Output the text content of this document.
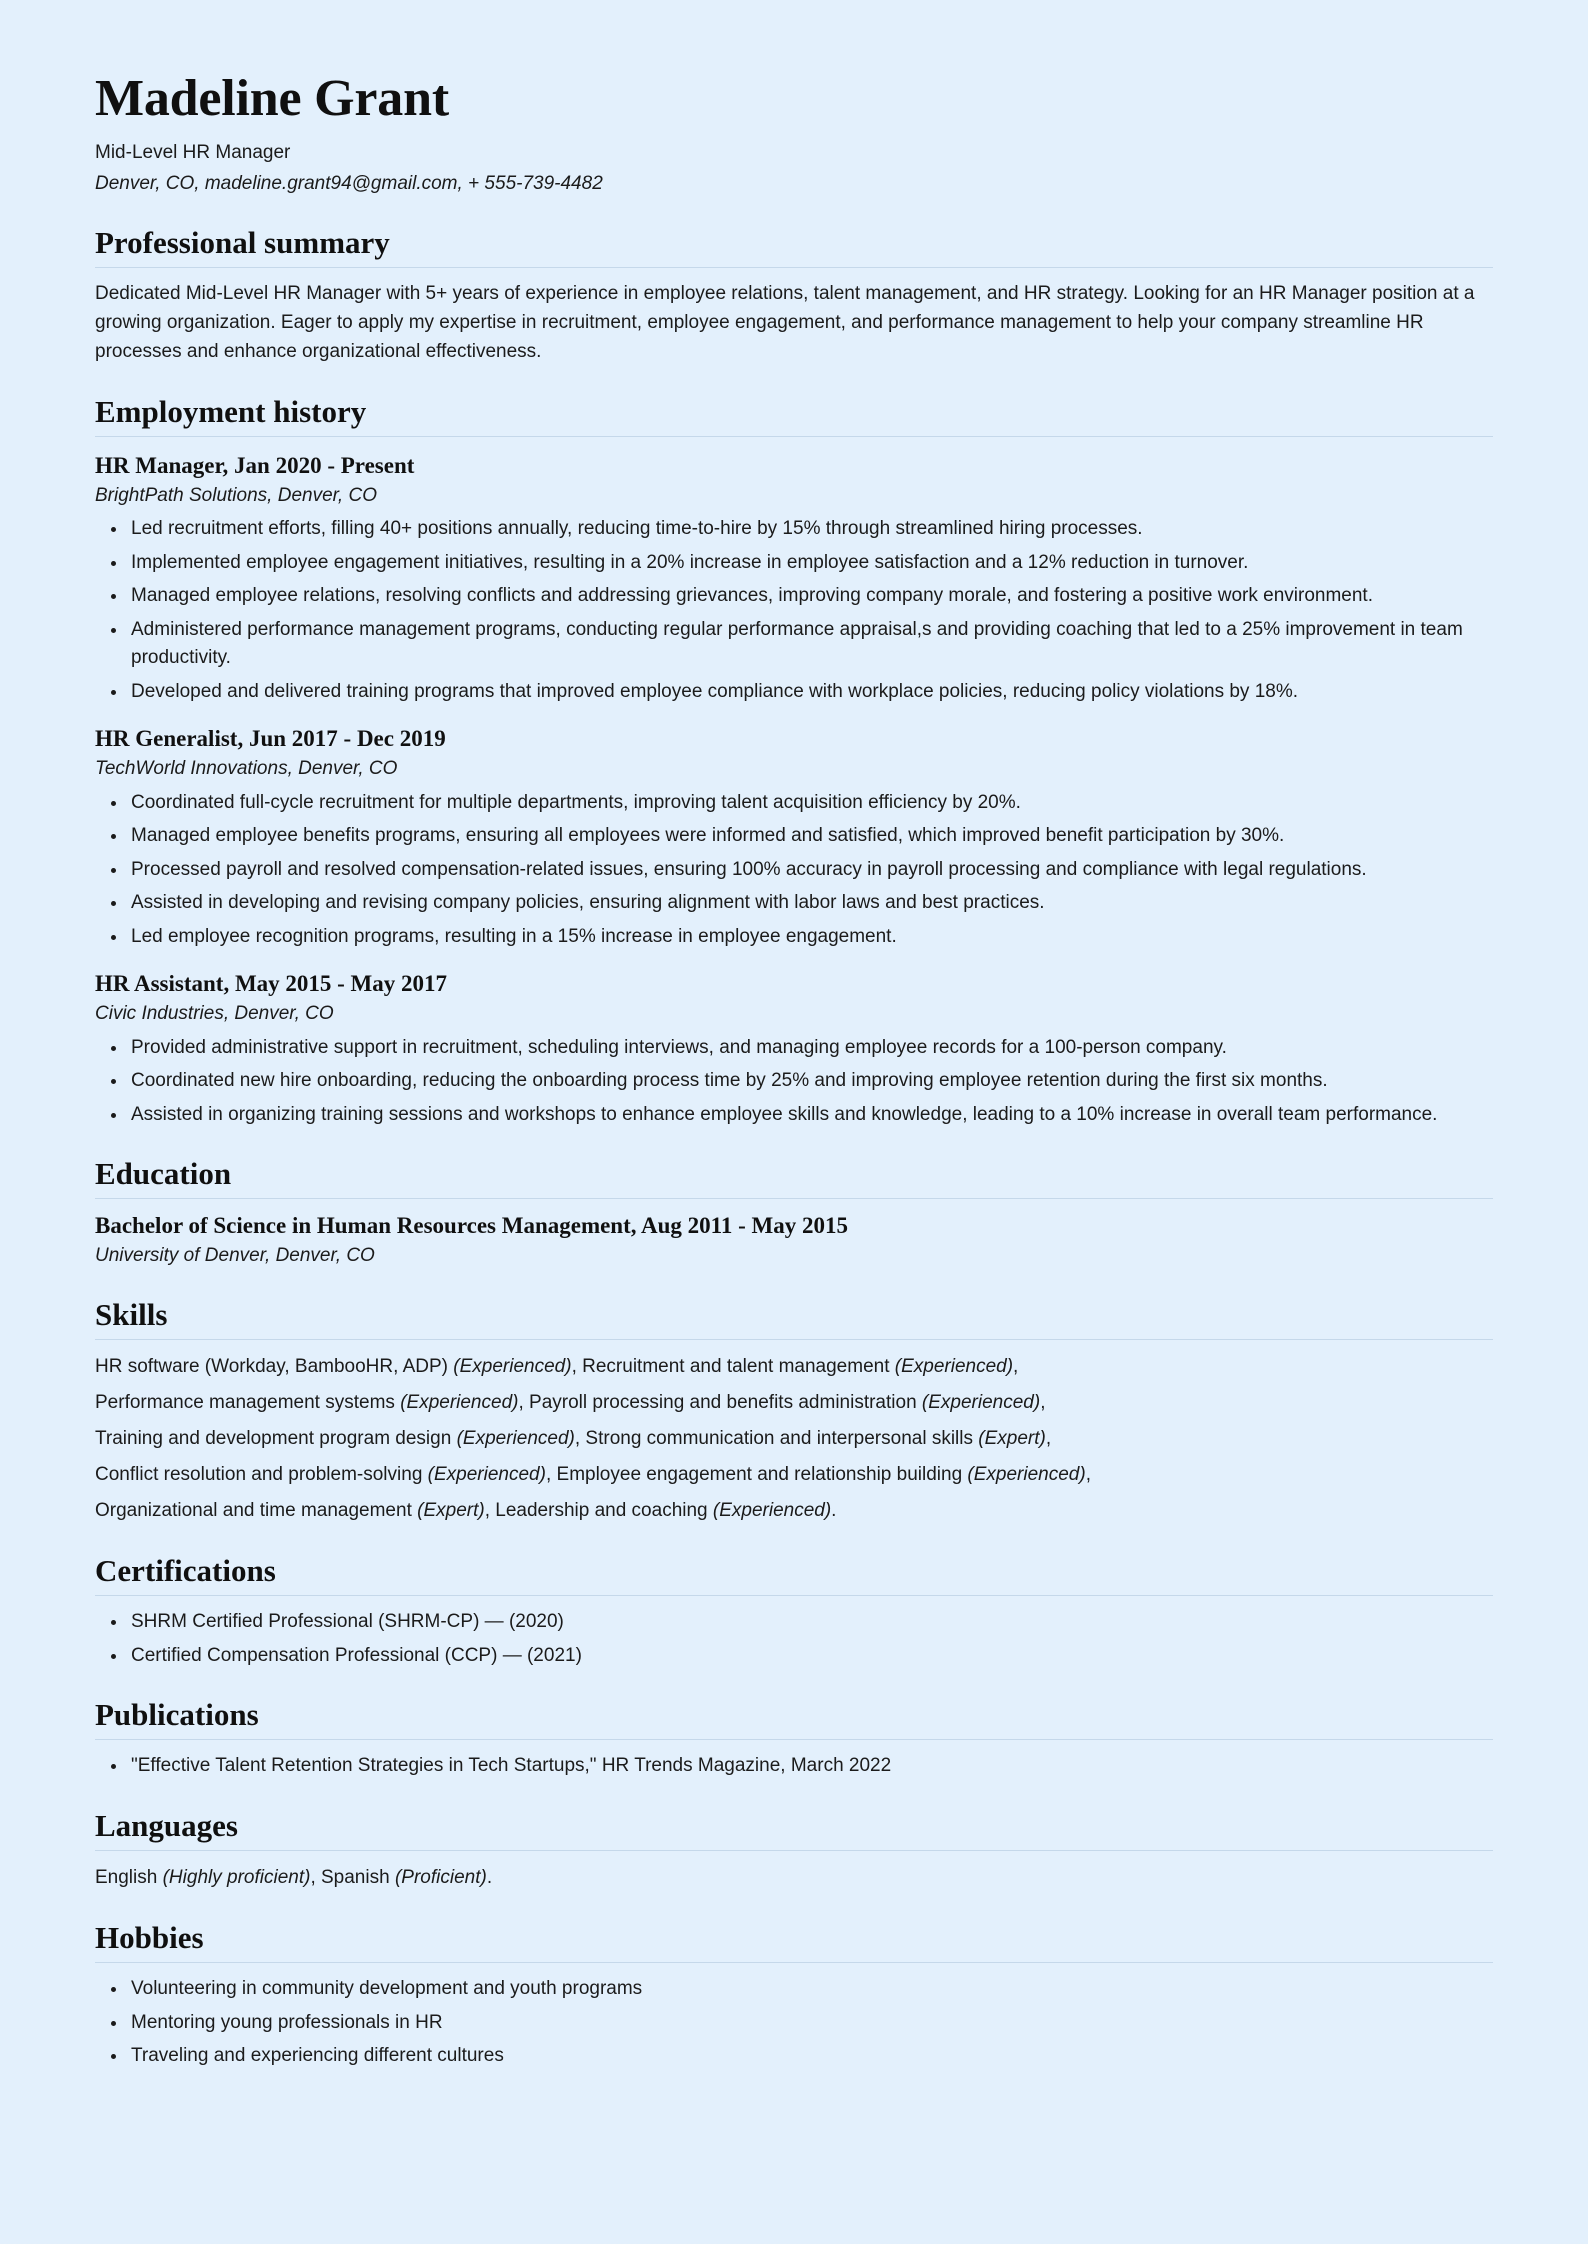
Madeline Grant
Mid-Level HR Manager
Denver, CO, madeline.grant94@gmail.com, + 555-739-4482
Professional summary

Dedicated Mid-Level HR Manager with 5+ years of experience in employee relations, talent management, and HR strategy. Looking for an HR Manager position at a growing organization. Eager to apply my expertise in recruitment, employee engagement, and performance management to help your company streamline HR processes and enhance organizational effectiveness.

Employment history
HR Manager, Jan 2020 - Present
BrightPath Solutions, Denver, CO
Led recruitment efforts, filling 40+ positions annually, reducing time-to-hire by 15% through streamlined hiring processes.
Implemented employee engagement initiatives, resulting in a 20% increase in employee satisfaction and a 12% reduction in turnover.
Managed employee relations, resolving conflicts and addressing grievances, improving company morale, and fostering a positive work environment.
Administered performance management programs, conducting regular performance appraisal,s and providing coaching that led to a 25% improvement in team productivity.
Developed and delivered training programs that improved employee compliance with workplace policies, reducing policy violations by 18%.
HR Generalist, Jun 2017 - Dec 2019
TechWorld Innovations, Denver, CO
Coordinated full-cycle recruitment for multiple departments, improving talent acquisition efficiency by 20%.
Managed employee benefits programs, ensuring all employees were informed and satisfied, which improved benefit participation by 30%.
Processed payroll and resolved compensation-related issues, ensuring 100% accuracy in payroll processing and compliance with legal regulations.
Assisted in developing and revising company policies, ensuring alignment with labor laws and best practices.
Led employee recognition programs, resulting in a 15% increase in employee engagement.
HR Assistant, May 2015 - May 2017
Civic Industries, Denver, CO
Provided administrative support in recruitment, scheduling interviews, and managing employee records for a 100-person company.
Coordinated new hire onboarding, reducing the onboarding process time by 25% and improving employee retention during the first six months.
Assisted in organizing training sessions and workshops to enhance employee skills and knowledge, leading to a 10% increase in overall team performance.
Education
Bachelor of Science in Human Resources Management, Aug 2011 - May 2015
University of Denver, Denver, CO
Skills
HR software (Workday, BambooHR, ADP) (Experienced), Recruitment and talent management (Experienced),
Performance management systems (Experienced), Payroll processing and benefits administration (Experienced),
Training and development program design (Experienced), Strong communication and interpersonal skills (Expert),
Conflict resolution and problem-solving (Experienced), Employee engagement and relationship building (Experienced),
Organizational and time management (Expert), Leadership and coaching (Experienced).
Certifications
SHRM Certified Professional (SHRM-CP) — (2020)
Certified Compensation Professional (CCP) — (2021)
Publications
"Effective Talent Retention Strategies in Tech Startups," HR Trends Magazine, March 2022
Languages
English (Highly proficient), Spanish (Proficient).
Hobbies
Volunteering in community development and youth programs
Mentoring young professionals in HR
Traveling and experiencing different cultures
